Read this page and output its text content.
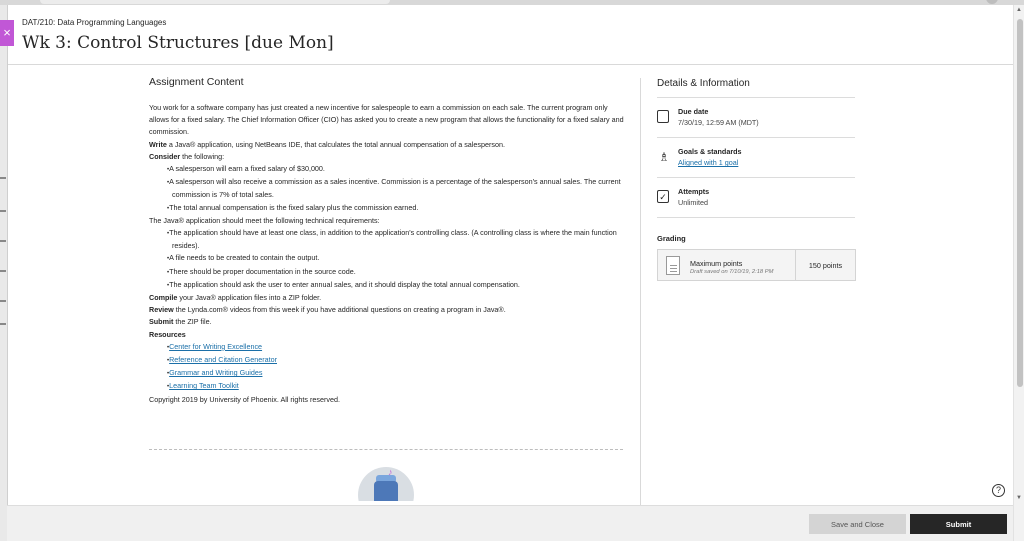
×
DAT/210: Data Programming Languages
Wk 3: Control Structures [due Mon]
Assignment Content

You work for a software company has just created a new incentive for salespeople to earn a commission on each sale. The current program only allows for a fixed salary. The Chief Information Officer (CIO) has asked you to create a new program that allows the functionality for a fixed salary and commission.

Write a Java® application, using NetBeans IDE, that calculates the total annual compensation of a salesperson.

Consider the following:

• A salesperson will earn a fixed salary of $30,000.
• A salesperson will also receive a commission as a sales incentive. Commission is a percentage of the salesperson's annual sales. The current commission is 7% of total sales.
• The total annual compensation is the fixed salary plus the commission earned.

The Java® application should meet the following technical requirements:

• The application should have at least one class, in addition to the application's controlling class. (A controlling class is where the main function resides).
• A file needs to be created to contain the output.
• There should be proper documentation in the source code.
• The application should ask the user to enter annual sales, and it should display the total annual compensation.

Compile your Java® application files into a ZIP folder.

Review the Lynda.com® videos from this week if you have additional questions on creating a program in Java®.

Submit the ZIP file.

Resources

• Center for Writing Excellence
• Reference and Citation Generator
• Grammar and Writing Guides
• Learning Team Toolkit

Copyright 2019 by University of Phoenix. All rights reserved.

♪
Details & Information
Due date
7/30/19, 12:59 AM (MDT)
♗ Goals & standards
Aligned with 1 goal
✓
Attempts
Unlimited
Grading
Maximum points
Draft saved on 7/10/19, 2:18 PM
150 points
?
▲
▼
Save and Close	Submit
